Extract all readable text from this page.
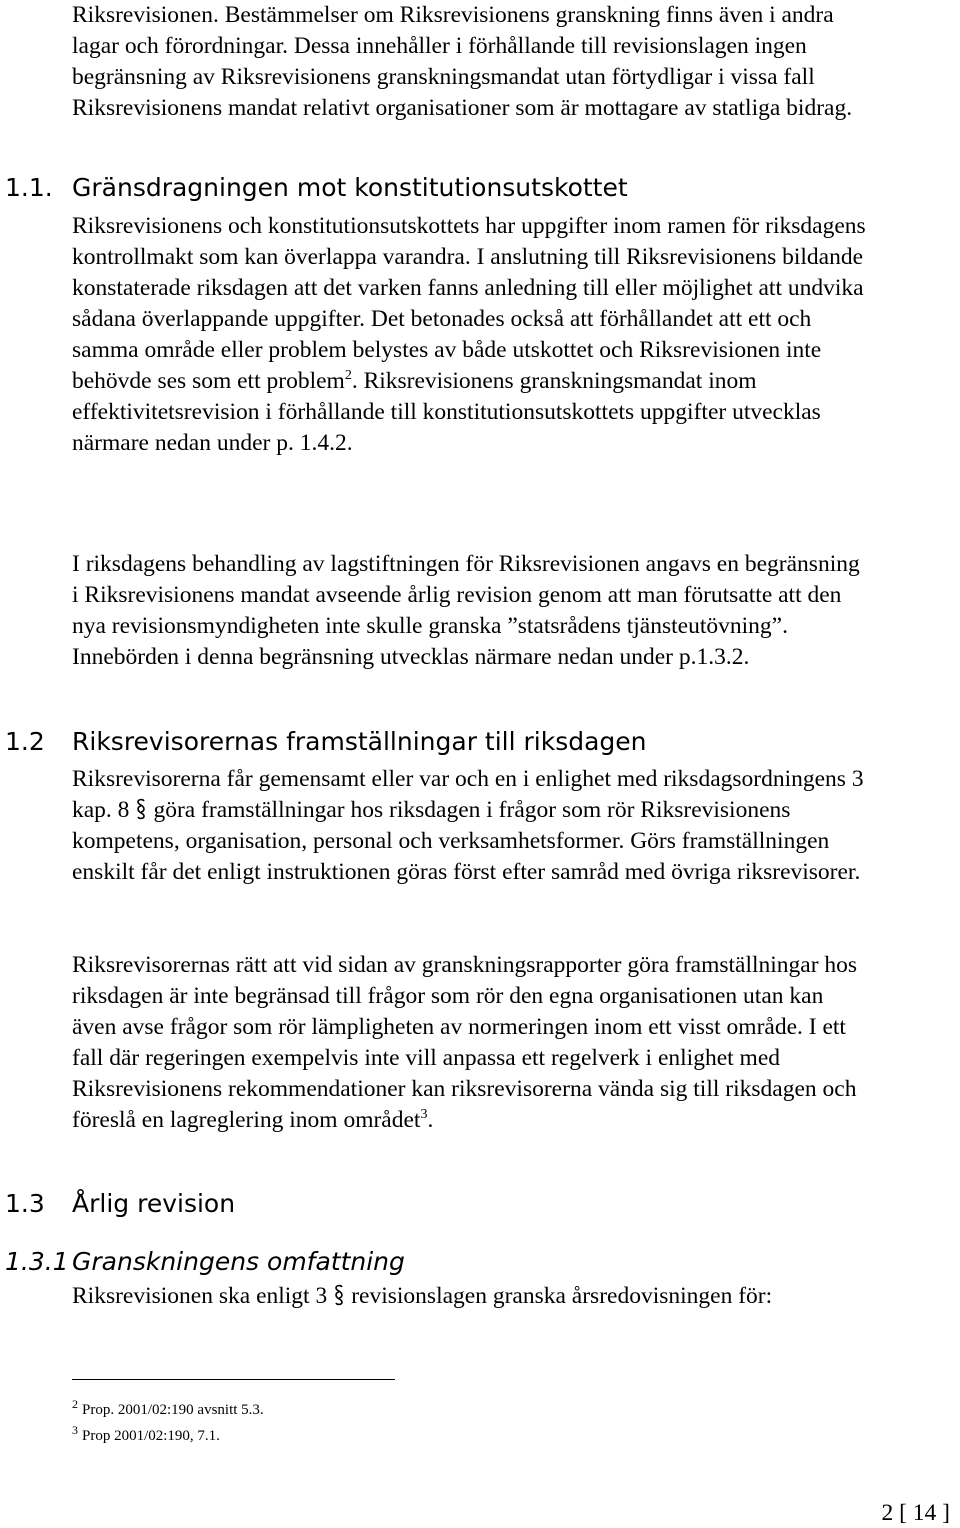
Riksrevisionen. Bestämmelser om Riksrevisionens granskning finns även i andra lagar och förordningar. Dessa innehåller i förhållande till revisionslagen ingen begränsning av Riksrevisionens granskningsmandat utan förtydligar i vissa fall Riksrevisionens mandat relativt organisationer som är mottagare av statliga bidrag.

1.1. Gränsdragningen mot konstitutionsutskottet

Riksrevisionens och konstitutionsutskottets har uppgifter inom ramen för riksdagens kontrollmakt som kan överlappa varandra. I anslutning till Riksrevisionens bildande konstaterade riksdagen att det varken fanns anledning till eller möjlighet att undvika sådana överlappande uppgifter. Det betonades också att förhållandet att ett och samma område eller problem belystes av både utskottet och Riksrevisionen inte behövde ses som ett problem$^2$. Riksrevisionens granskningsmandat inom effektivitetsrevision i förhållande till konstitutionsutskottets uppgifter utvecklas närmare nedan under p. 1.4.2.

I riksdagens behandling av lagstiftningen för Riksrevisionen angavs en begränsning i Riksrevisionens mandat avseende årlig revision genom att man förutsatte att den nya revisionsmyndigheten inte skulle granska ”statsrådens tjänsteutövning”. Innebörden i denna begränsning utvecklas närmare nedan under p.1.3.2.

1.2 Riksrevisorernas framställningar till riksdagen

Riksrevisorerna får gemensamt eller var och en i enlighet med riksdagsordningens 3 kap. 8 göra framställningar hos riksdagen i frågor som rör Riksrevisionens kompetens, organisation, personal och verksamhetsformer. Görs framställningen enskilt får det enligt instruktionen göras först efter samråd med övriga riksrevisorer.

Riksrevisorernas rätt att vid sidan av granskningsrapporter göra framställningar hos riksdagen är inte begränsad till frågor som rör den egna organisationen utan kan även avse frågor som rör lämpligheten av normeringen inom ett visst område. I ett fall där regeringen exempelvis inte vill anpassa ett regelverk i enlighet med Riksrevisionens rekommendationer kan riksrevisorerna vända sig till riksdagen och föreslå en lagreglering inom området$^3$.

1.3 Årlig revision
1.3.1 Granskningens omfattning

Riksrevisionen ska enligt 3 revisionslagen granska årsredovisningen för:

$^2$ Prop. 2001/02:190 avsnitt 5.3.
$^3$ Prop 2001/02:190, 7.1.
2 [ 14 ]
